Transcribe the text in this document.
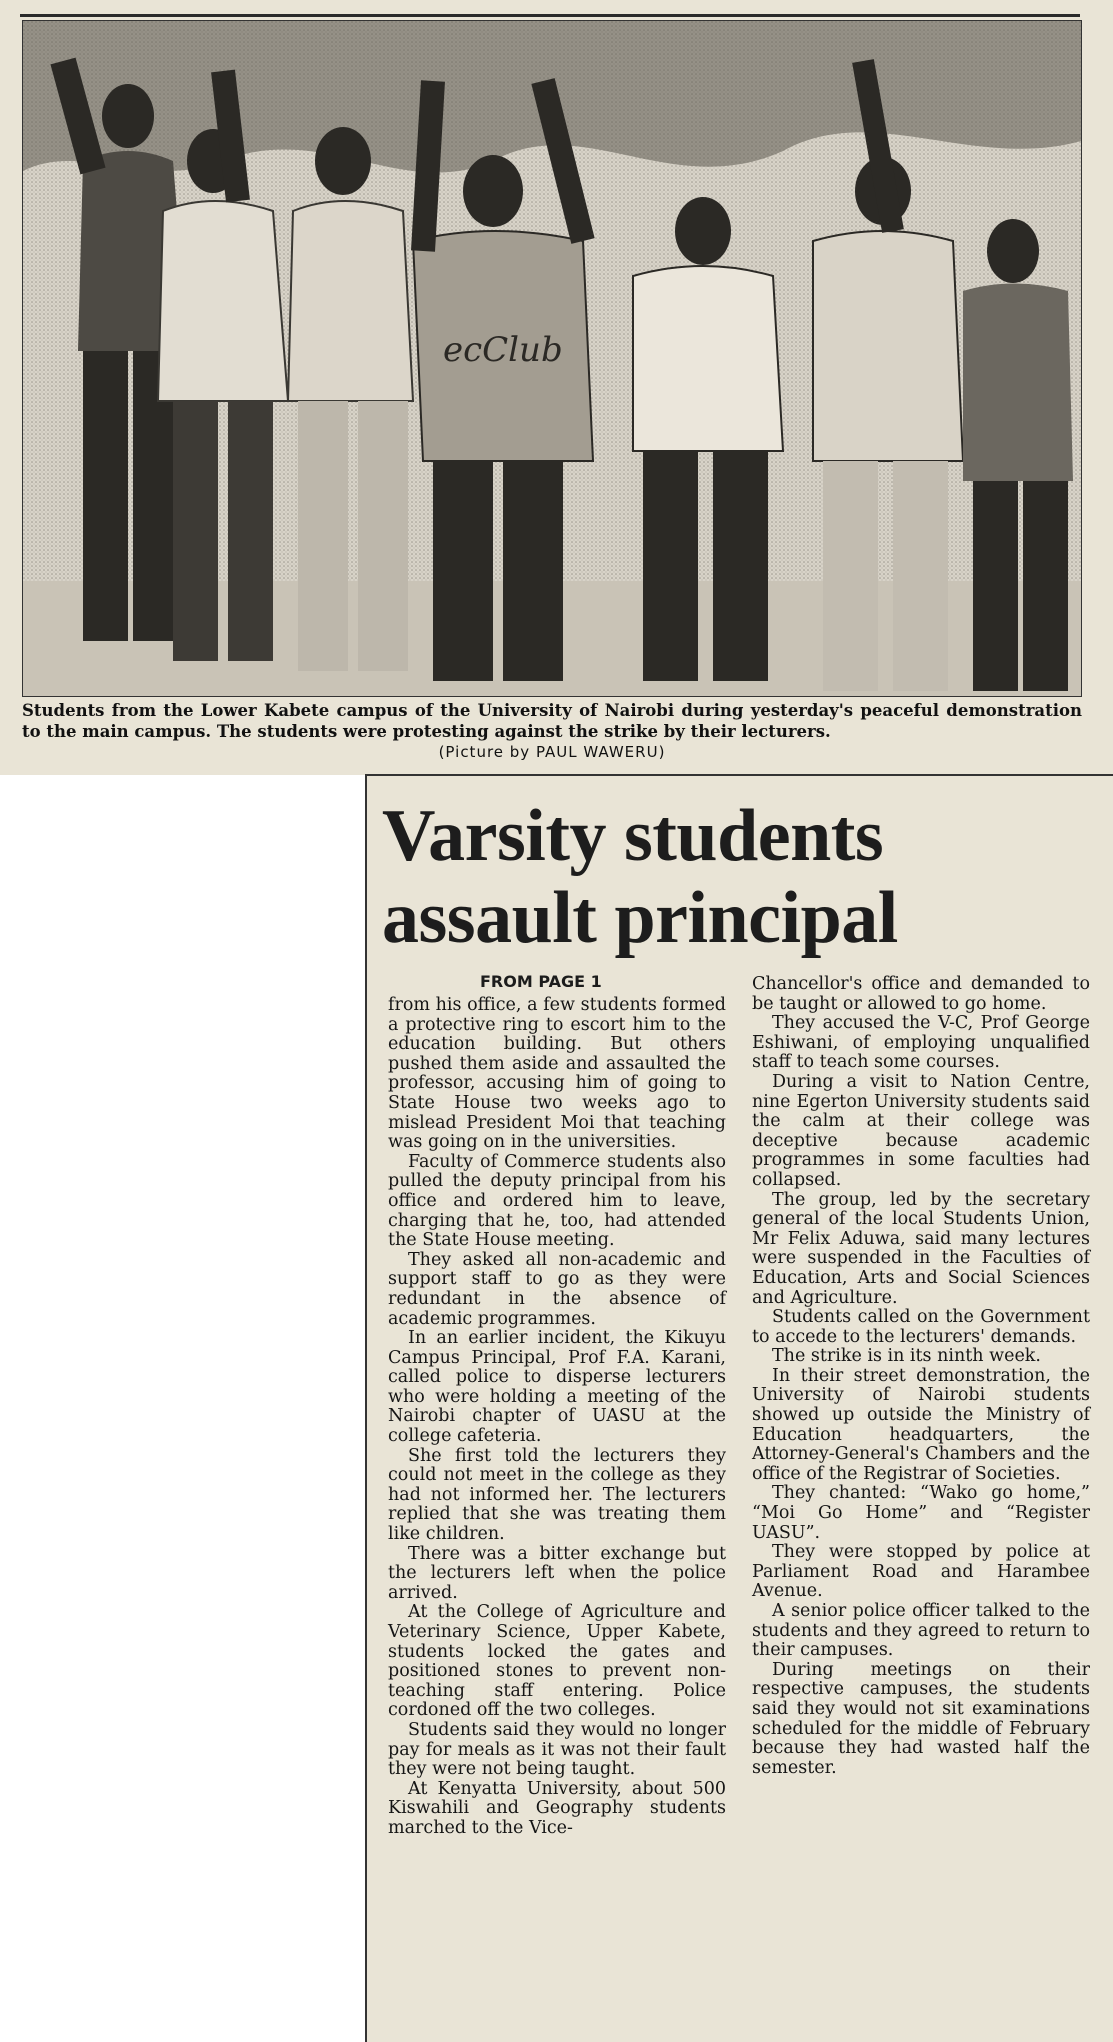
ecClub
Students from the Lower Kabete campus of the University of Nairobi during yesterday's peaceful demonstration to the main campus. The students were protesting against the strike by their lecturers.
(Picture by PAUL WAWERU)
Varsity students
assault principal
FROM PAGE 1

from his office, a few students formed a protective ring to escort him to the education building. But others pushed them aside and assaulted the professor, accusing him of going to State House two weeks ago to mislead President Moi that teaching was going on in the universities.

Faculty of Commerce students also pulled the deputy principal from his office and ordered him to leave, charging that he, too, had attended the State House meeting.

They asked all non-academic and support staff to go as they were redundant in the absence of academic programmes.

In an earlier incident, the Kikuyu Campus Principal, Prof F.A. Karani, called police to disperse lecturers who were holding a meeting of the Nairobi chapter of UASU at the college cafeteria.

She first told the lecturers they could not meet in the college as they had not informed her. The lecturers replied that she was treating them like children.

There was a bitter exchange but the lecturers left when the police arrived.

At the College of Agriculture and Veterinary Science, Upper Kabete, students locked the gates and positioned stones to prevent non-teaching staff entering. Police cordoned off the two colleges.

Students said they would no longer pay for meals as it was not their fault they were not being taught.

At Kenyatta University, about 500 Kiswahili and Geography students marched to the Vice-

Chancellor's office and demanded to be taught or allowed to go home.

They accused the V-C, Prof George Eshiwani, of employing unqualified staff to teach some courses.

During a visit to Nation Centre, nine Egerton University students said the calm at their college was deceptive because academic programmes in some faculties had collapsed.

The group, led by the secretary general of the local Students Union, Mr Felix Aduwa, said many lectures were suspended in the Faculties of Education, Arts and Social Sciences and Agriculture.

Students called on the Government to accede to the lecturers' demands.

The strike is in its ninth week.

In their street demonstration, the University of Nairobi students showed up outside the Ministry of Education headquarters, the Attorney-General's Chambers and the office of the Registrar of Societies.

They chanted: “Wako go home,” “Moi Go Home” and “Register UASU”.

They were stopped by police at Parliament Road and Harambee Avenue.

A senior police officer talked to the students and they agreed to return to their campuses.

During meetings on their respective campuses, the students said they would not sit examinations scheduled for the middle of February because they had wasted half the semester.
